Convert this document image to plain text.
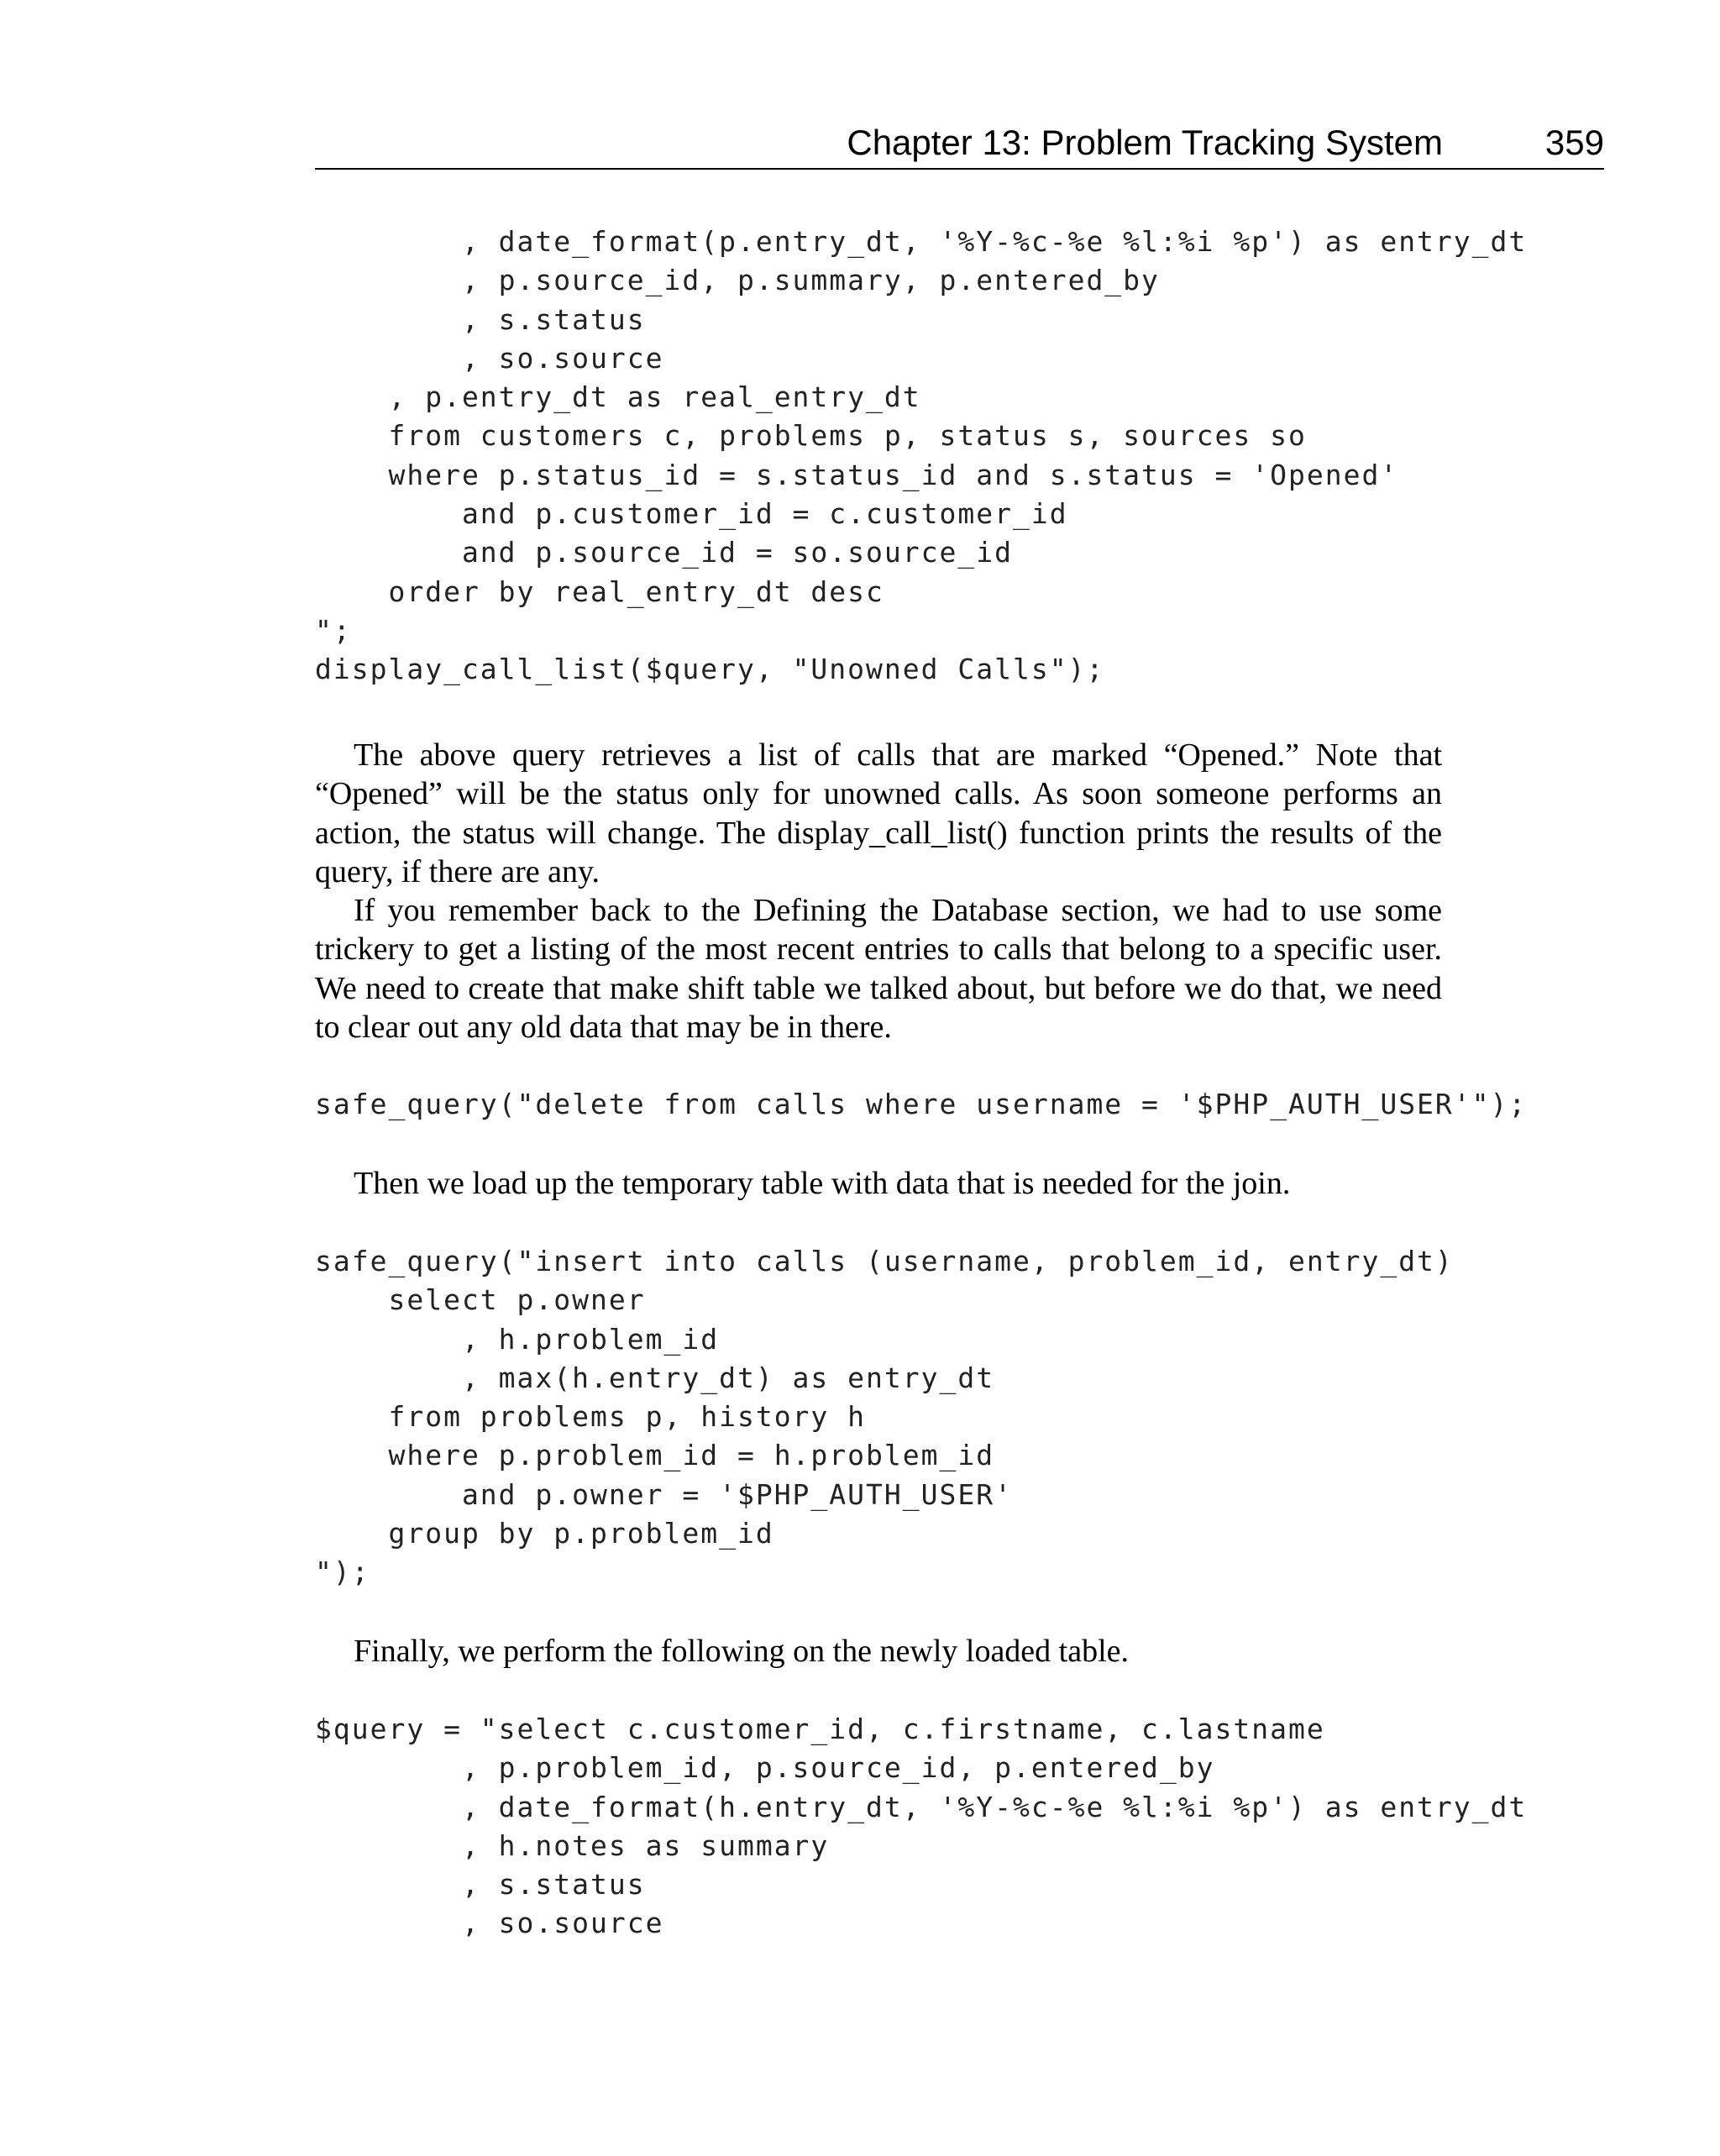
Chapter 13: Problem Tracking System	359
, date_format(p.entry_dt, '%Y-%c-%e %l:%i %p') as entry_dt
, p.source_id, p.summary, p.entered_by
, s.status
, so.source
, p.entry_dt as real_entry_dt
from customers c, problems p, status s, sources so
where p.status_id = s.status_id and s.status = 'Opened'
and p.customer_id = c.customer_id
and p.source_id = so.source_id
order by real_entry_dt desc
";
display_call_list($query, "Unowned Calls");

The above query retrieves a list of calls that are marked “Opened.” Note that “Opened” will be the status only for unowned calls. As soon someone performs an action, the status will change. The display_call_list() function prints the results of the query, if there are any.

If you remember back to the Defining the Database section, we had to use some trickery to get a listing of the most recent entries to calls that belong to a specific user. We need to create that make shift table we talked about, but before we do that, we need to clear out any old data that may be in there.

safe_query("delete from calls where username = '$PHP_AUTH_USER'");

Then we load up the temporary table with data that is needed for the join.

safe_query("insert into calls (username, problem_id, entry_dt)
select p.owner
, h.problem_id
, max(h.entry_dt) as entry_dt
from problems p, history h
where p.problem_id = h.problem_id
and p.owner = '$PHP_AUTH_USER'
group by p.problem_id
");

Finally, we perform the following on the newly loaded table.

$query = "select c.customer_id, c.firstname, c.lastname
, p.problem_id, p.source_id, p.entered_by
, date_format(h.entry_dt, '%Y-%c-%e %l:%i %p') as entry_dt
, h.notes as summary
, s.status
, so.source
